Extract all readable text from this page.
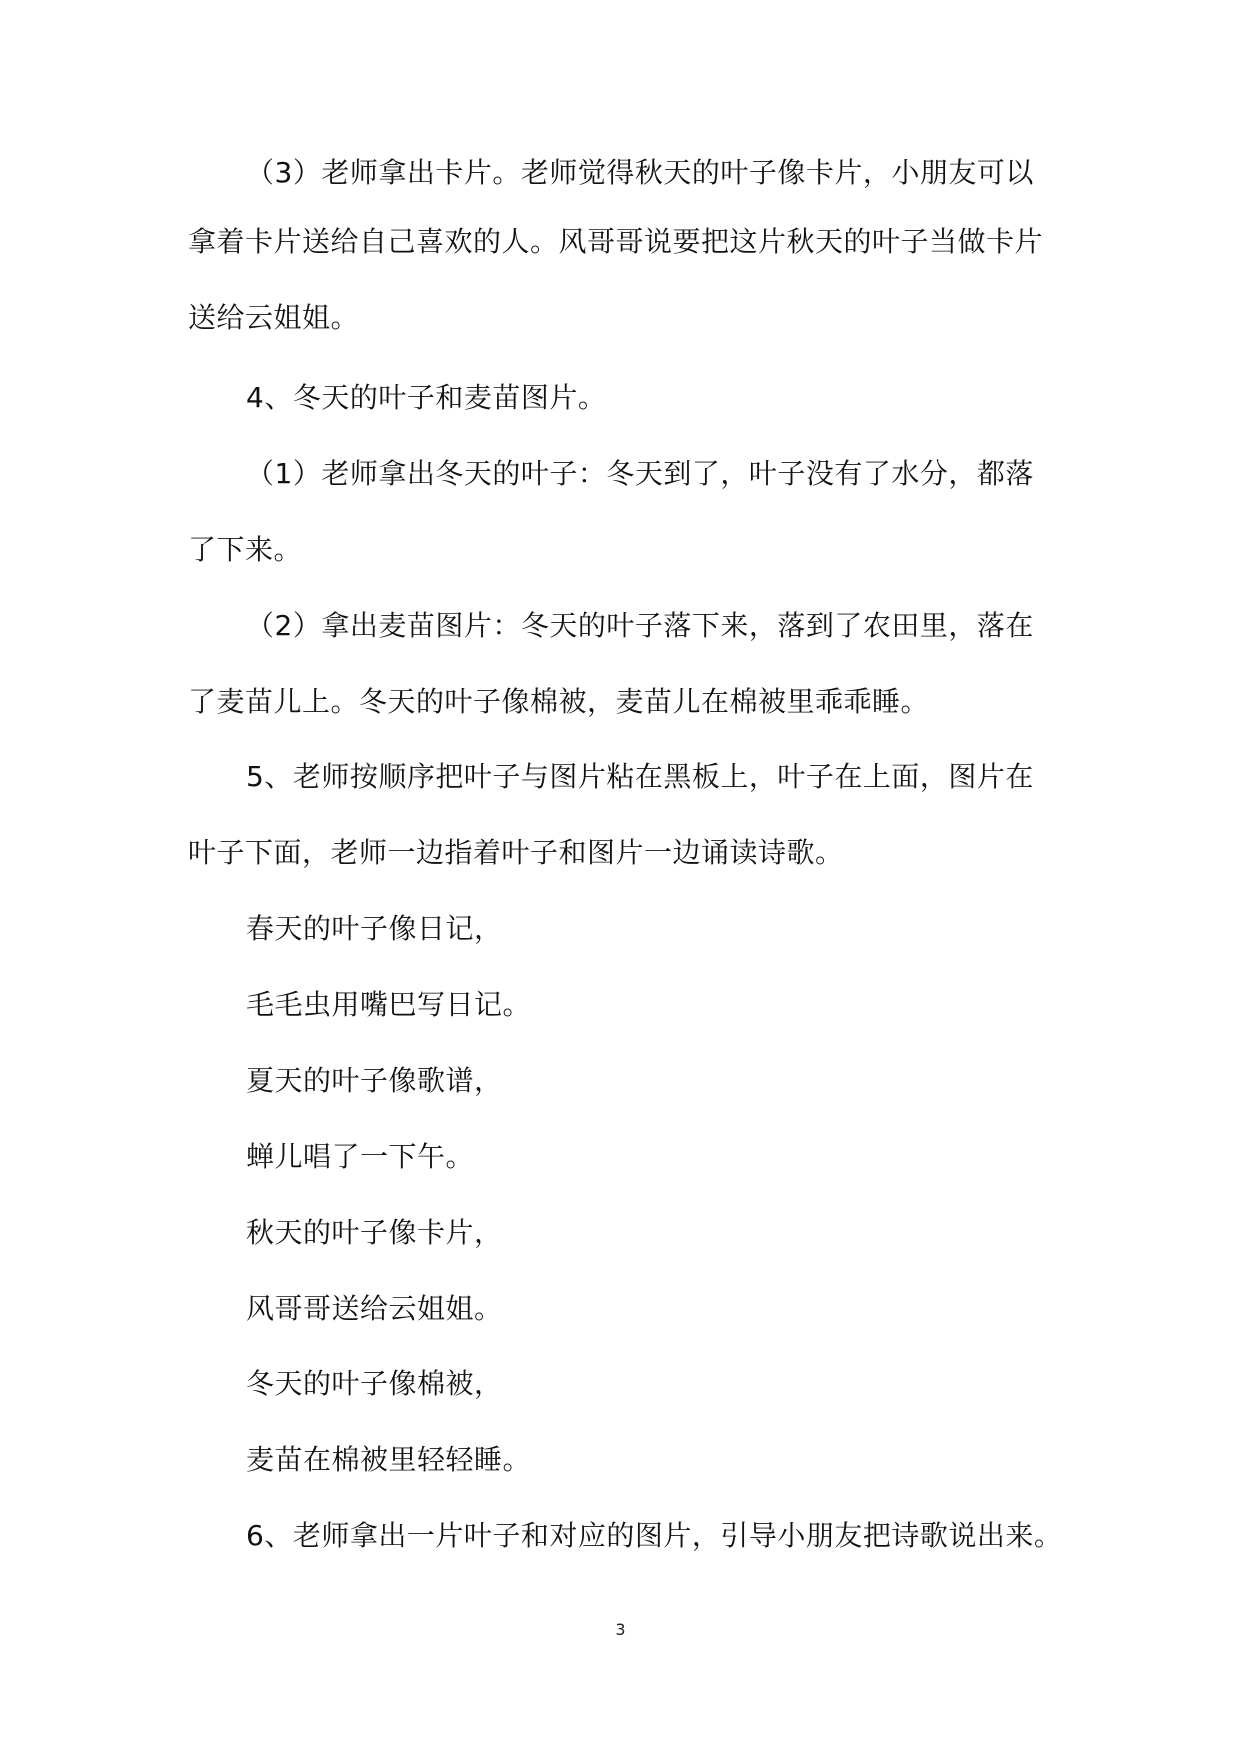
（3）老师拿出卡片。老师觉得秋天的叶子像卡片，小朋友可以
拿着卡片送给自己喜欢的人。风哥哥说要把这片秋天的叶子当做卡片
送给云姐姐。
4、冬天的叶子和麦苗图片。
（1）老师拿出冬天的叶子：冬天到了，叶子没有了水分，都落
了下来。
（2）拿出麦苗图片：冬天的叶子落下来，落到了农田里，落在
了麦苗儿上。冬天的叶子像棉被，麦苗儿在棉被里乖乖睡。
5、老师按顺序把叶子与图片粘在黑板上，叶子在上面，图片在
叶子下面，老师一边指着叶子和图片一边诵读诗歌。
春天的叶子像日记，
毛毛虫用嘴巴写日记。
夏天的叶子像歌谱，
蝉儿唱了一下午。
秋天的叶子像卡片，
风哥哥送给云姐姐。
冬天的叶子像棉被，
麦苗在棉被里轻轻睡。
6、老师拿出一片叶子和对应的图片，引导小朋友把诗歌说出来。
3
